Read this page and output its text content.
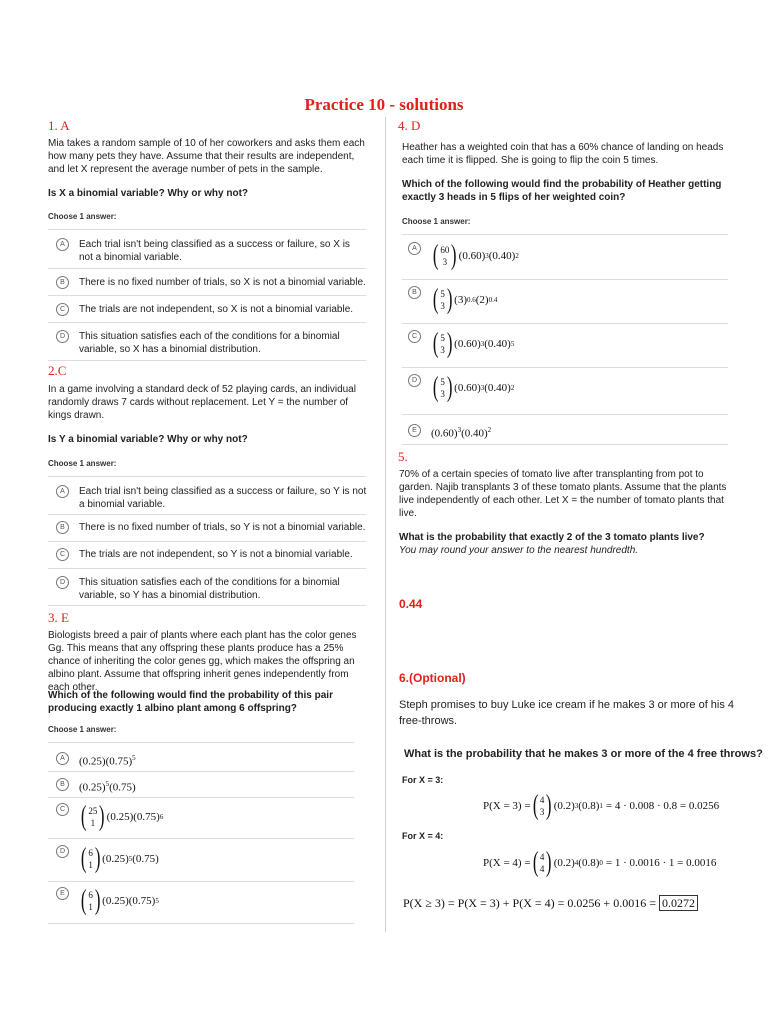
Practice 10 - solutions
1. A
Mia takes a random sample of 10 of her coworkers and asks them each how many pets they have. Assume that their results are independent, and let X represent the average number of pets in the sample.
Is X a binomial variable? Why or why not?
Choose 1 answer:
A	Each trial isn't being classified as a success or failure, so X is not a binomial variable.
B	There is no fixed number of trials, so X is not a binomial variable.
C	The trials are not independent, so X is not a binomial variable.
D	This situation satisfies each of the conditions for a binomial variable, so X has a binomial distribution.
2.C
In a game involving a standard deck of 52 playing cards, an individual randomly draws 7 cards without replacement. Let Y = the number of kings drawn.
Is Y a binomial variable? Why or why not?
Choose 1 answer:
A	Each trial isn't being classified as a success or failure, so Y is not a binomial variable.
B	There is no fixed number of trials, so Y is not a binomial variable.
C	The trials are not independent, so Y is not a binomial variable.
D	This situation satisfies each of the conditions for a binomial variable, so Y has a binomial distribution.
3. E
Biologists breed a pair of plants where each plant has the color genes Gg. This means that any offspring these plants produce has a 25% chance of inheriting the color genes gg, which makes the offspring an albino plant. Assume that offspring inherit genes independently from each other.
Which of the following would find the probability of this pair producing exactly 1 albino plant among 6 offspring?
Choose 1 answer:
A	$(0.25)(0.75)^5$
B	$(0.25)^5(0.75)$
C ( 25
1 ) (0.25)(0.75) 6
D ( 6
1 ) (0.25) 5 (0.75)
E ( 6
1 ) (0.25)(0.75) 5
4. D
Heather has a weighted coin that has a 60% chance of landing on heads each time it is flipped. She is going to flip the coin 5 times.
Which of the following would find the probability of Heather getting exactly 3 heads in 5 flips of her weighted coin?
Choose 1 answer:
A ( 60
3 ) (0.60) 3 (0.40) 2
B ( 5
3 ) (3) 0.6 (2) 0.4
C ( 5
3 ) (0.60) 3 (0.40) 5
D ( 5
3 ) (0.60) 3 (0.40) 2
E	$(0.60)^3(0.40)^2$
5.
70% of a certain species of tomato live after transplanting from pot to garden. Najib transplants 3 of these tomato plants. Assume that the plants live independently of each other. Let X = the number of tomato plants that live.
What is the probability that exactly 2 of the 3 tomato plants live?
You may round your answer to the nearest hundredth.
0.44
6.(Optional)
Steph promises to buy Luke ice cream if he makes 3 or more of his 4 free-throws.
What is the probability that he makes 3 or more of the 4 free throws?
For X = 3:
P(X = 3) = ( 4
3 ) (0.2) 3 (0.8) 1 = 4 · 0.008 · 0.8 = 0.0256
For X = 4:
P(X = 4) = ( 4
4 ) (0.2) 4 (0.8) 0 = 1 · 0.0016 · 1 = 0.0016
P(X ≥ 3) = P(X = 3) + P(X = 4) = 0.0256 + 0.0016 = 0.0272
